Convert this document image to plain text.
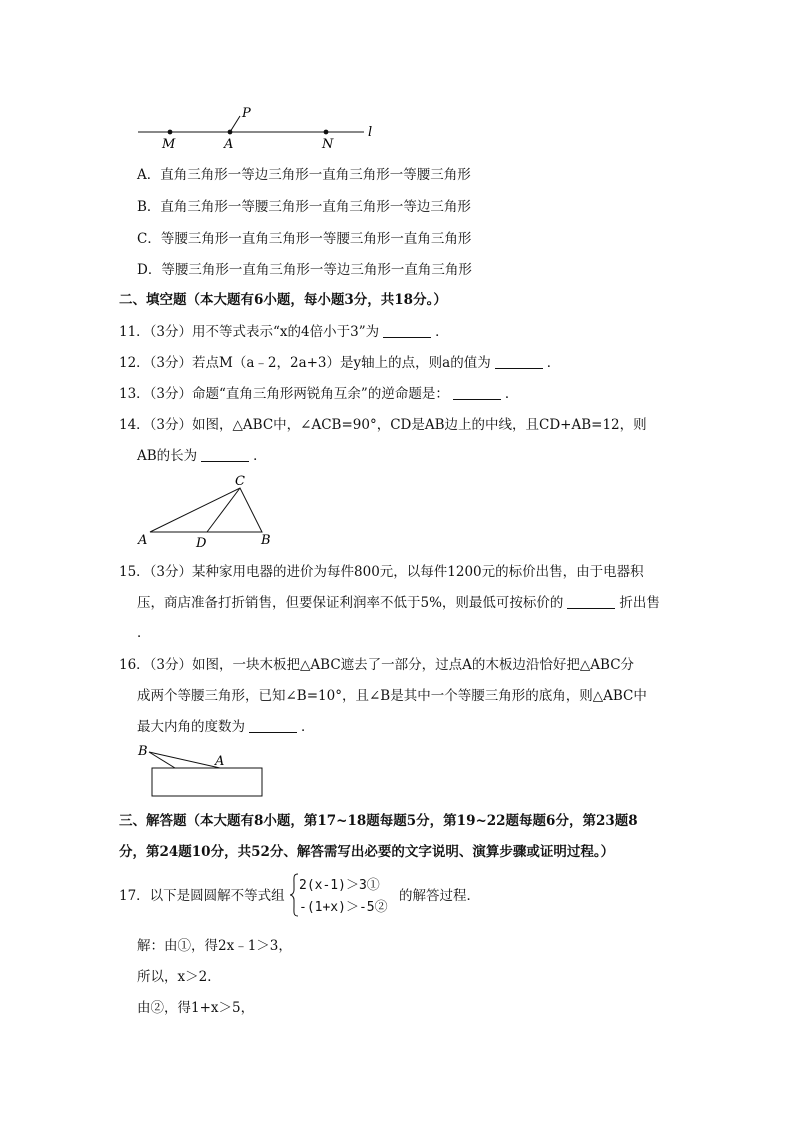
P
M	A	N
l
A．直角三角形一等边三角形一直角三角形一等腰三角形
B．直角三角形一等腰三角形一直角三角形一等边三角形
C．等腰三角形一直角三角形一等腰三角形一直角三角形
D．等腰三角形一直角三角形一等边三角形一直角三角形
二、填空题（本大题有6小题，每小题3分，共18分。）
11．（3分）用不等式表示“x的4倍小于3”为	．
12．（3分）若点M（a﹣2，2a+3）是y轴上的点，则a的值为	．
13．（3分）命题“直角三角形两锐角互余”的逆命题是：	．
14．（3分）如图，△ABC中，∠ACB=90°，CD是AB边上的中线，且CD+AB=12，则
AB的长为	．
C
A	D	B
15．（3分）某种家用电器的进价为每件800元，以每件1200元的标价出售，由于电器积
压，商店准备打折销售，但要保证利润率不低于5%，则最低可按标价的	折出售
．
16．（3分）如图，一块木板把△ABC遮去了一部分，过点A的木板边沿恰好把△ABC分
成两个等腰三角形，已知∠B=10°，且∠B是其中一个等腰三角形的底角，则△ABC中
最大内角的度数为	．
B
A
三、解答题（本大题有8小题，第17~18题每题5分，第19~22题每题6分，第23题8
分，第24题10分，共52分、解答需写出必要的文字说明、演算步骤或证明过程。）
17．以下是圆圆解不等式组
2(x-1)＞3①
-(1+x)＞-5②
的解答过程．
解：由①，得2x﹣1＞3，
所以，x＞2．
由②，得1+x＞5，
